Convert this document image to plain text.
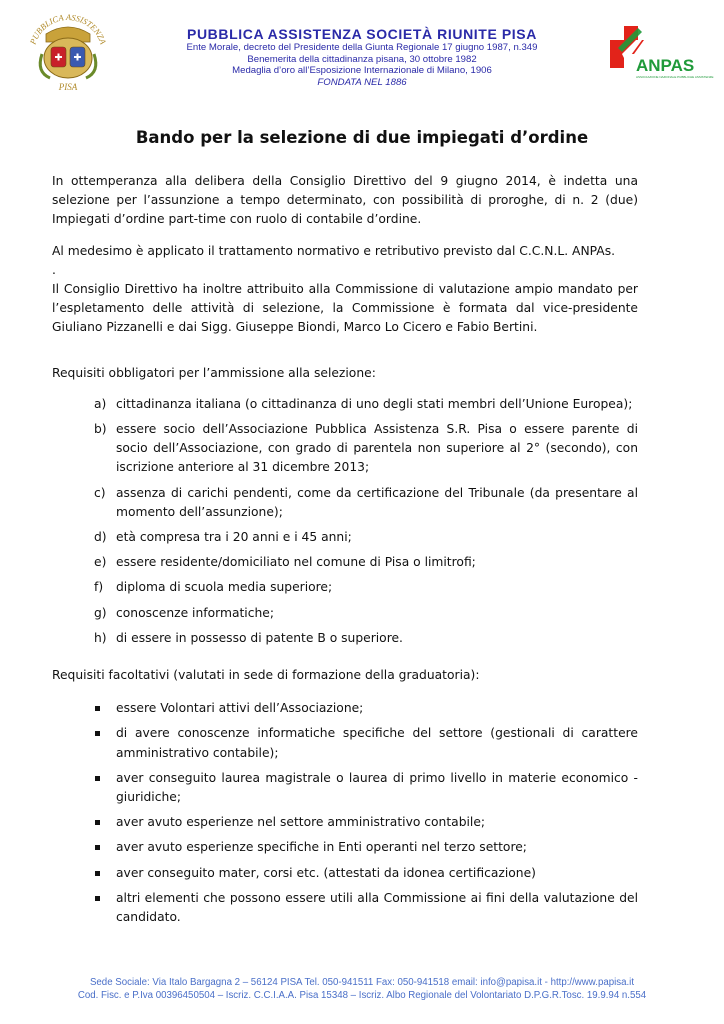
PUBBLICA ASSISTENZA
PISA
PUBBLICA ASSISTENZA SOCIETÀ RIUNITE PISA
Ente Morale, decreto del Presidente della Giunta Regionale 17 giugno 1987, n.349
Benemerita della cittadinanza pisana, 30 ottobre 1982
Medaglia d’oro all’Esposizione Internazionale di Milano, 1906
FONDATA NEL 1886
ANPAS
ASSOCIAZIONE NAZIONALE PUBBLICHE ASSISTENZE
Bando per la selezione di due impiegati d’ordine

In ottemperanza alla delibera della Consiglio Direttivo del 9 giugno 2014, è indetta una selezione per l’assunzione a tempo determinato, con possibilità di proroghe, di n. 2 (due) Impiegati d’ordine part-time con ruolo di contabile d’ordine.

Al medesimo è applicato il trattamento normativo e retributivo previsto dal C.C.N.L. ANPAs.

.

Il Consiglio Direttivo ha inoltre attribuito alla Commissione di valutazione ampio mandato per l’espletamento delle attività di selezione, la Commissione è formata dal vice-presidente Giuliano Pizzanelli e dai Sigg. Giuseppe Biondi, Marco Lo Cicero e Fabio Bertini.

Requisiti obbligatori per l’ammissione alla selezione:

a) cittadinanza italiana (o cittadinanza di uno degli stati membri dell’Unione Europea);
b) essere socio dell’Associazione Pubblica Assistenza S.R. Pisa o essere parente di socio dell’Associazione, con grado di parentela non superiore al 2° (secondo), con iscrizione anteriore al 31 dicembre 2013;
c) assenza di carichi pendenti, come da certificazione del Tribunale (da presentare al momento dell’assunzione);
d) età compresa tra i 20 anni e i 45 anni;
e) essere residente/domiciliato nel comune di Pisa o limitrofi;
f) diploma di scuola media superiore;
g) conoscenze informatiche;
h) di essere in possesso di patente B o superiore.

Requisiti facoltativi (valutati in sede di formazione della graduatoria):

essere Volontari attivi dell’Associazione;
di avere conoscenze informatiche specifiche del settore (gestionali di carattere amministrativo contabile);
aver conseguito laurea magistrale o laurea di primo livello in materie economico - giuridiche;
aver avuto esperienze nel settore amministrativo contabile;
aver avuto esperienze specifiche in Enti operanti nel terzo settore;
aver conseguito mater, corsi etc. (attestati da idonea certificazione)
altri elementi che possono essere utili alla Commissione ai fini della valutazione del candidato.
Sede Sociale: Via Italo Bargagna 2 – 56124 PISA Tel. 050-941511 Fax: 050-941518 email: info@papisa.it - http://www.papisa.it
Cod. Fisc. e P.Iva 00396450504 – Iscriz. C.C.I.A.A. Pisa 15348 – Iscriz. Albo Regionale del Volontariato D.P.G.R.Tosc. 19.9.94 n.554
